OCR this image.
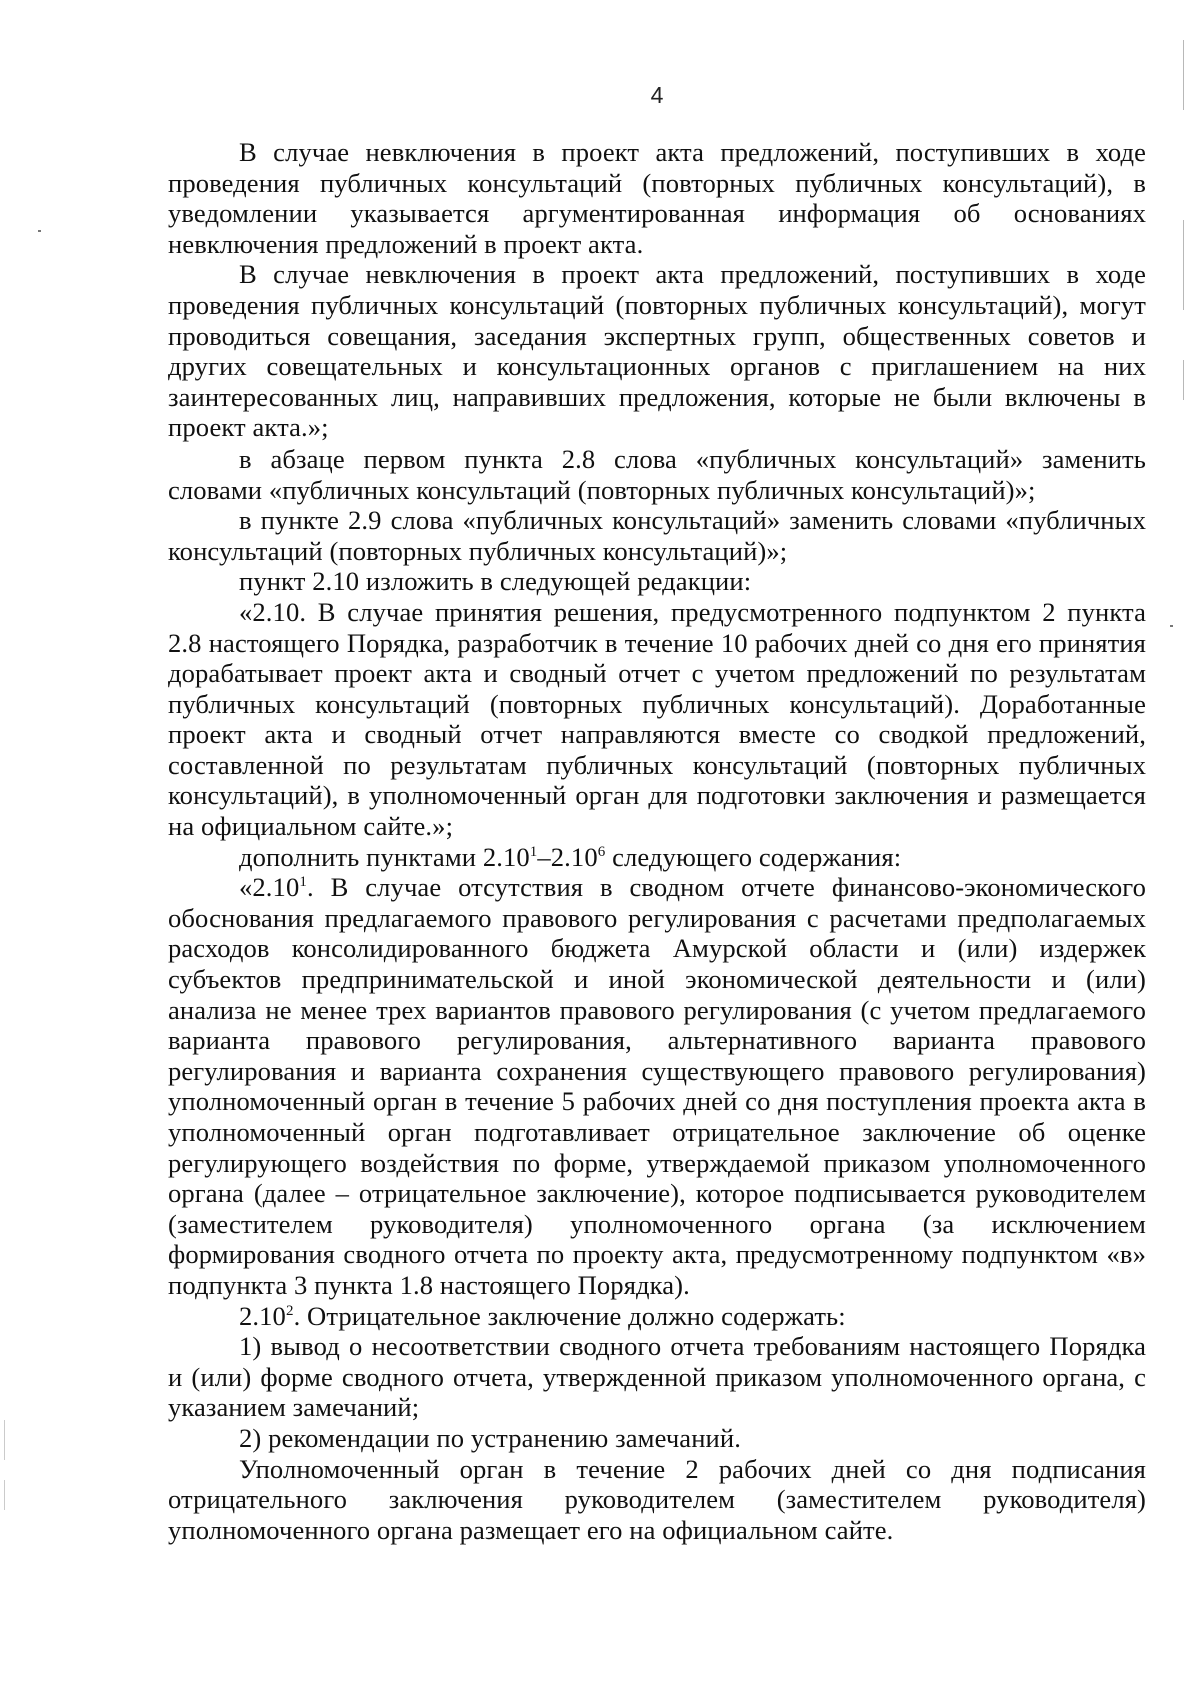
4

В случае невключения в проект акта предложений, поступивших в ходе проведения публичных консультаций (повторных публичных консультаций), в уведомлении указывается аргументированная информация об основаниях невключения предложений в проект акта.

В случае невключения в проект акта предложений, поступивших в ходе проведения публичных консультаций (повторных публичных консультаций), могут проводиться совещания, заседания экспертных групп, общественных советов и других совещательных и консультационных органов с приглашением на них заинтересованных лиц, направивших предложения, которые не были включены в проект акта.»;

в абзаце первом пункта 2.8 слова «публичных консультаций» заменить словами «публичных консультаций (повторных публичных консультаций)»;

в пункте 2.9 слова «публичных консультаций» заменить словами «публичных консультаций (повторных публичных консультаций)»;

пункт 2.10 изложить в следующей редакции:

«2.10. В случае принятия решения, предусмотренного подпунктом 2 пункта 2.8 настоящего Порядка, разработчик в течение 10 рабочих дней со дня его принятия дорабатывает проект акта и сводный отчет с учетом предложений по результатам публичных консультаций (повторных публичных консультаций). Доработанные проект акта и сводный отчет направляются вместе со сводкой предложений, составленной по результатам публичных консультаций (повторных публичных консультаций), в уполномоченный орган для подготовки заключения и размещается на официальном сайте.»;

дополнить пунктами 2.10$^1$–2.10$^6$ следующего содержания:

«2.10$^1$. В случае отсутствия в сводном отчете финансово-экономического обоснования предлагаемого правового регулирования с расчетами предполагаемых расходов консолидированного бюджета Амурской области и (или) издержек субъектов предпринимательской и иной экономической деятельности и (или) анализа не менее трех вариантов правового регулирования (с учетом предлагаемого варианта правового регулирования, альтернативного варианта правового регулирования и варианта сохранения существующего правового регулирования) уполномоченный орган в течение 5 рабочих дней со дня поступления проекта акта в уполномоченный орган подготавливает отрицательное заключение об оценке регулирующего воздействия по форме, утверждаемой приказом уполномоченного органа (далее – отрицательное заключение), которое подписывается руководителем (заместителем руководителя) уполномоченного органа (за исключением формирования сводного отчета по проекту акта, предусмотренному подпунктом «в» подпункта 3 пункта 1.8 настоящего Порядка).

2.10$^2$. Отрицательное заключение должно содержать:

1) вывод о несоответствии сводного отчета требованиям настоящего Порядка и (или) форме сводного отчета, утвержденной приказом уполномоченного органа, с указанием замечаний;

2) рекомендации по устранению замечаний.

Уполномоченный орган в течение 2 рабочих дней со дня подписания отрицательного заключения руководителем (заместителем руководителя) уполномоченного органа размещает его на официальном сайте.
